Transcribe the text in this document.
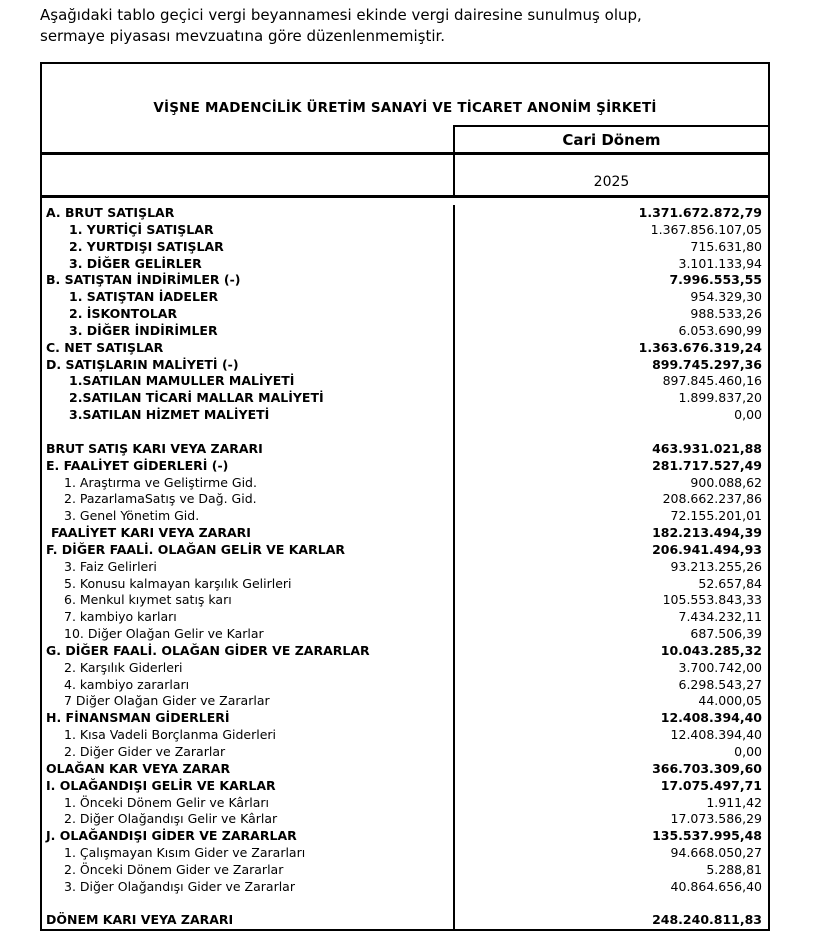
Aşağıdaki tablo geçici vergi beyannamesi ekinde vergi dairesine sunulmuş olup,
sermaye piyasası mevzuatına göre düzenlenmemiştir.
VİŞNE MADENCİLİK ÜRETİM SANAYİ VE TİCARET ANONİM ŞİRKETİ
Cari Dönem
2025
A. BRUT SATIŞLAR	1.371.672.872,79
1. YURTİÇİ SATIŞLAR	1.367.856.107,05
2. YURTDIŞI SATIŞLAR	715.631,80
3. DİĞER GELİRLER	3.101.133,94
B. SATIŞTAN İNDİRİMLER (-)	7.996.553,55
1. SATIŞTAN İADELER	954.329,30
2. İSKONTOLAR	988.533,26
3. DİĞER İNDİRİMLER	6.053.690,99
C. NET SATIŞLAR	1.363.676.319,24
D. SATIŞLARIN MALİYETİ (-)	899.745.297,36
1.SATILAN MAMULLER MALİYETİ	897.845.460,16
2.SATILAN TİCARİ MALLAR MALİYETİ	1.899.837,20
3.SATILAN HİZMET MALİYETİ	0,00
BRUT SATIŞ KARI VEYA ZARARI	463.931.021,88
E. FAALİYET GİDERLERİ (-)	281.717.527,49
1. Araştırma ve Geliştirme Gid.	900.088,62
2. PazarlamaSatış ve Dağ. Gid.	208.662.237,86
3. Genel Yönetim Gid.	72.155.201,01
FAALİYET KARI VEYA ZARARI	182.213.494,39
F. DİĞER FAALİ. OLAĞAN GELİR VE KARLAR	206.941.494,93
3. Faiz Gelirleri	93.213.255,26
5. Konusu kalmayan karşılık Gelirleri	52.657,84
6. Menkul kıymet satış karı	105.553.843,33
7. kambiyo karları	7.434.232,11
10. Diğer Olağan Gelir ve Karlar	687.506,39
G. DİĞER FAALİ. OLAĞAN GİDER VE ZARARLAR	10.043.285,32
2. Karşılık Giderleri	3.700.742,00
4. kambiyo zararları	6.298.543,27
7 Diğer Olağan Gider ve Zararlar	44.000,05
H. FİNANSMAN GİDERLERİ	12.408.394,40
1. Kısa Vadeli Borçlanma Giderleri	12.408.394,40
2. Diğer Gider ve Zararlar	0,00
OLAĞAN KAR VEYA ZARAR	366.703.309,60
I. OLAĞANDIŞI GELİR VE KARLAR	17.075.497,71
1. Önceki Dönem Gelir ve Kârları	1.911,42
2. Diğer Olağandışı Gelir ve Kârlar	17.073.586,29
J. OLAĞANDIŞI GİDER VE ZARARLAR	135.537.995,48
1. Çalışmayan Kısım Gider ve Zararları	94.668.050,27
2. Önceki Dönem Gider ve Zararlar	5.288,81
3. Diğer Olağandışı Gider ve Zararlar	40.864.656,40
DÖNEM KARI VEYA ZARARI	248.240.811,83
